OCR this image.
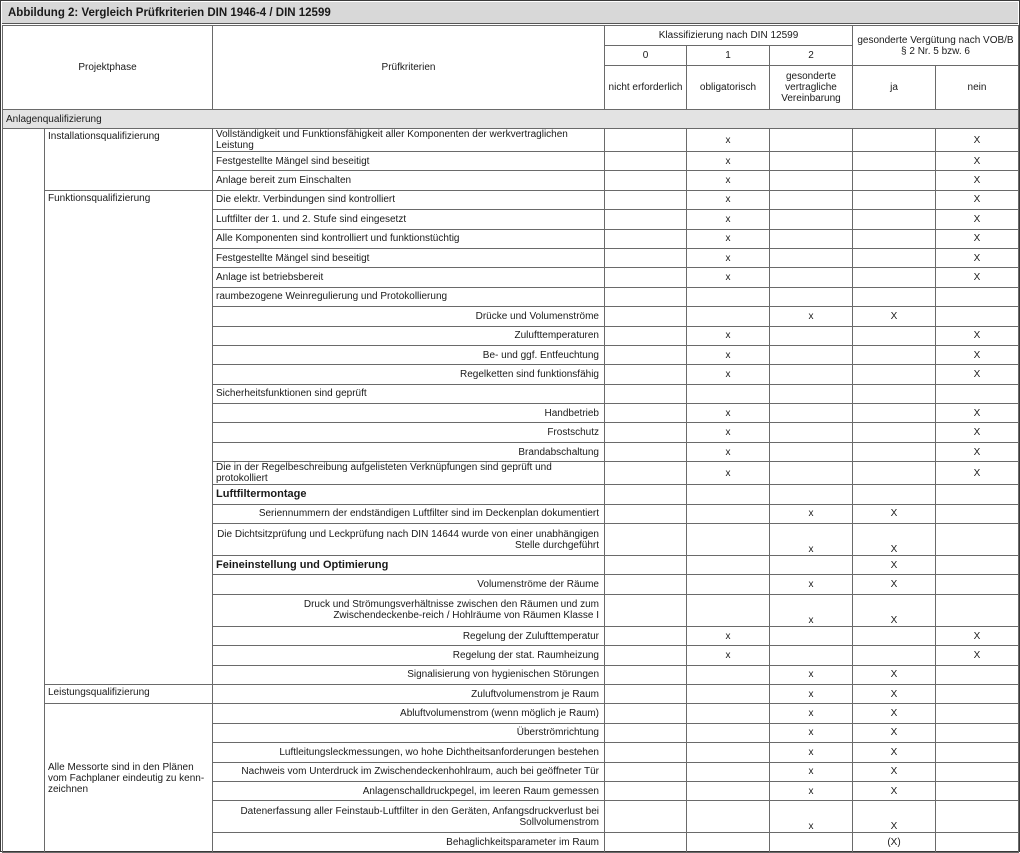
Abbildung 2: Vergleich Prüfkriterien DIN 1946-4 / DIN 12599
Projektphase		Prüfkriterien	Klassifizierung nach DIN 12599			gesonderte Vergütung nach VOB/B § 2 Nr. 5 bzw. 6	
			0	1	2		
			nicht erforderlich	obligatorisch	gesonderte vertragliche Vereinbarung	ja	nein
Anlagenqualifizierung							
	Installationsqualifizierung	Vollständigkeit und Funktionsfähigkeit aller Komponenten der werkvertraglichen Leistung		x			X
		Festgestellte Mängel sind beseitigt		x			X
		Anlage bereit zum Einschalten		x			X
	Funktionsqualifizierung	Die elektr. Verbindungen sind kontrolliert		x			X
		Luftfilter der 1. und 2. Stufe sind eingesetzt		x			X
		Alle Komponenten sind kontrolliert und funktionstüchtig		x			X
		Festgestellte Mängel sind beseitigt		x			X
		Anlage ist betriebsbereit		x			X
		raumbezogene Weinregulierung und Protokollierung					
		Drücke und Volumenströme			x	X	
		Zulufttemperaturen		x			X
		Be- und ggf. Entfeuchtung		x			X
		Regelketten sind funktionsfähig		x			X
		Sicherheitsfunktionen sind geprüft					
		Handbetrieb		x			X
		Frostschutz		x			X
		Brandabschaltung		x			X
		Die in der Regelbeschreibung aufgelisteten Verknüpfungen sind geprüft und protokolliert		x			X
		Luftfiltermontage					
		Seriennummern der endständigen Luftfilter sind im Deckenplan dokumentiert			x	X	
		Die Dichtsitzprüfung und Leckprüfung nach DIN 14644 wurde von einer unabhängigen Stelle durchgeführt			x	X	
		Feineinstellung und Optimierung				X	
		Volumenströme der Räume			x	X	
		Druck und Strömungsverhältnisse zwischen den Räumen und zum Zwischendeckenbe-reich / Hohlräume von Räumen Klasse I			x	X	
		Regelung der Zulufttemperatur		x			X
		Regelung der stat. Raumheizung		x			X
		Signalisierung von hygienischen Störungen			x	X	
	Leistungsqualifizierung	Zuluftvolumenstrom je Raum			x	X	
	Alle Messorte sind in den Plänen vom Fachplaner eindeutig zu kenn-zeichnen	Abluftvolumenstrom (wenn möglich je Raum)			x	X	
		Überströmrichtung			x	X	
		Luftleitungsleckmessungen, wo hohe Dichtheitsanforderungen bestehen			x	X	
		Nachweis vom Unterdruck im Zwischendeckenhohlraum, auch bei geöffneter Tür			x	X	
		Anlagenschalldruckpegel, im leeren Raum gemessen			x	X	
		Datenerfassung aller Feinstaub-Luftfilter in den Geräten, Anfangsdruckverlust bei Sollvolumenstrom			x	X	
		Behaglichkeitsparameter im Raum				(X)	
